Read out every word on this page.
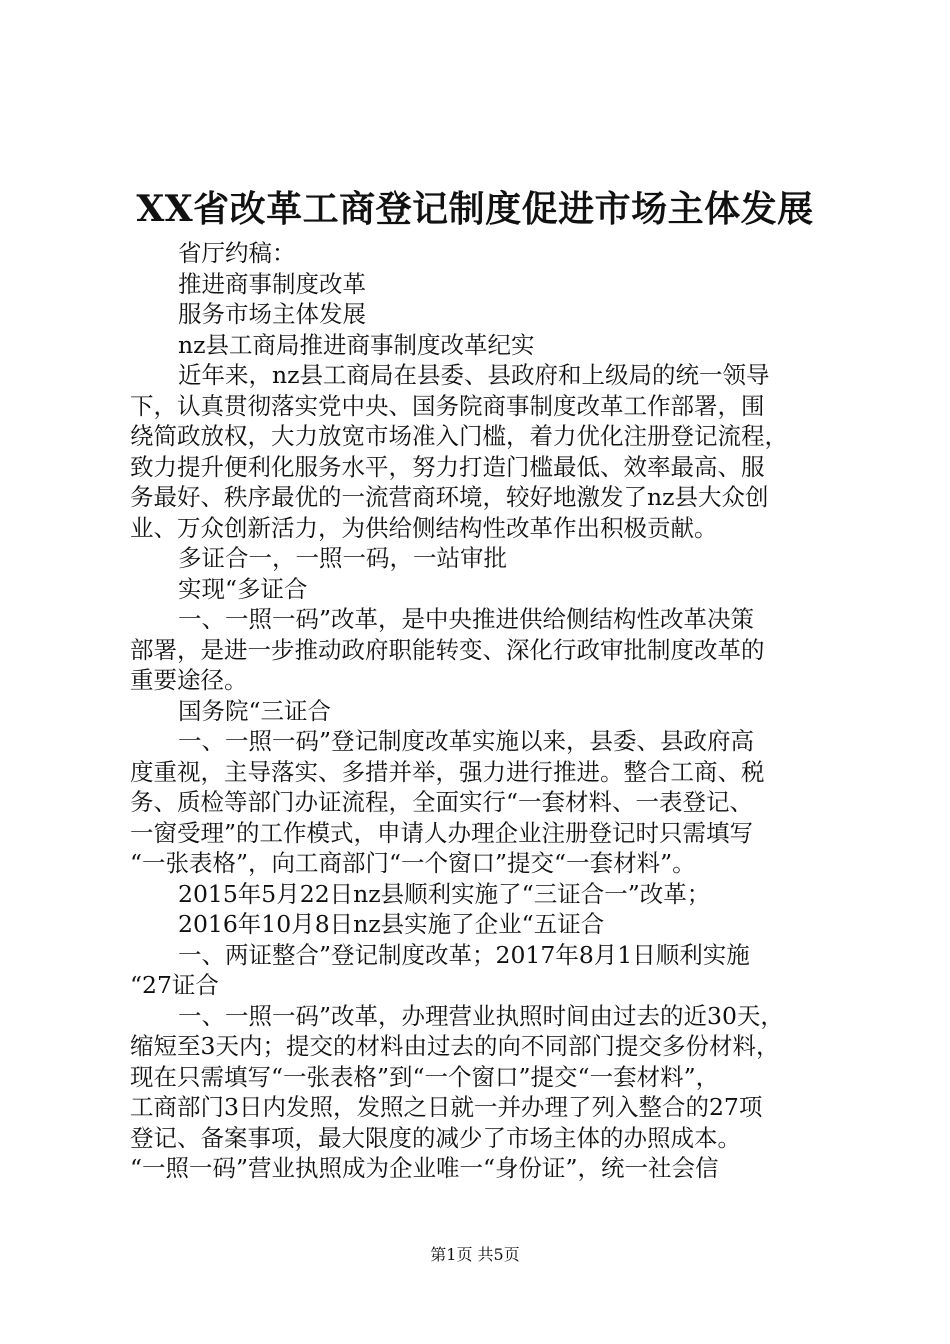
XX省改革工商登记制度促进市场主体发展
省厅约稿：
推进商事制度改革
服务市场主体发展
nz县工商局推进商事制度改革纪实
近年来，nz县工商局在县委、县政府和上级局的统一领导
下，认真贯彻落实党中央、国务院商事制度改革工作部署，围
绕简政放权，大力放宽市场准入门槛，着力优化注册登记流程，
致力提升便利化服务水平，努力打造门槛最低、效率最高、服
务最好、秩序最优的一流营商环境，较好地激发了nz县大众创
业、万众创新活力，为供给侧结构性改革作出积极贡献。
多证合一，一照一码，一站审批
实现“多证合
一、一照一码”改革，是中央推进供给侧结构性改革决策
部署，是进一步推动政府职能转变、深化行政审批制度改革的
重要途径。
国务院“三证合
一、一照一码”登记制度改革实施以来，县委、县政府高
度重视，主导落实、多措并举，强力进行推进。整合工商、税
务、质检等部门办证流程，全面实行“一套材料、一表登记、
一窗受理”的工作模式，申请人办理企业注册登记时只需填写
“一张表格”，向工商部门“一个窗口”提交“一套材料”。
2015年5月22日nz县顺利实施了“三证合一”改革；
2016年10月8日nz县实施了企业“五证合
一、两证整合”登记制度改革；2017年8月1日顺利实施
“27证合
一、一照一码”改革，办理营业执照时间由过去的近30天，
缩短至3天内；提交的材料由过去的向不同部门提交多份材料，
现在只需填写“一张表格”到“一个窗口”提交“一套材料”，
工商部门3日内发照，发照之日就一并办理了列入整合的27项
登记、备案事项，最大限度的减少了市场主体的办照成本。
“一照一码”营业执照成为企业唯一“身份证”，统一社会信
第1页 共5页
